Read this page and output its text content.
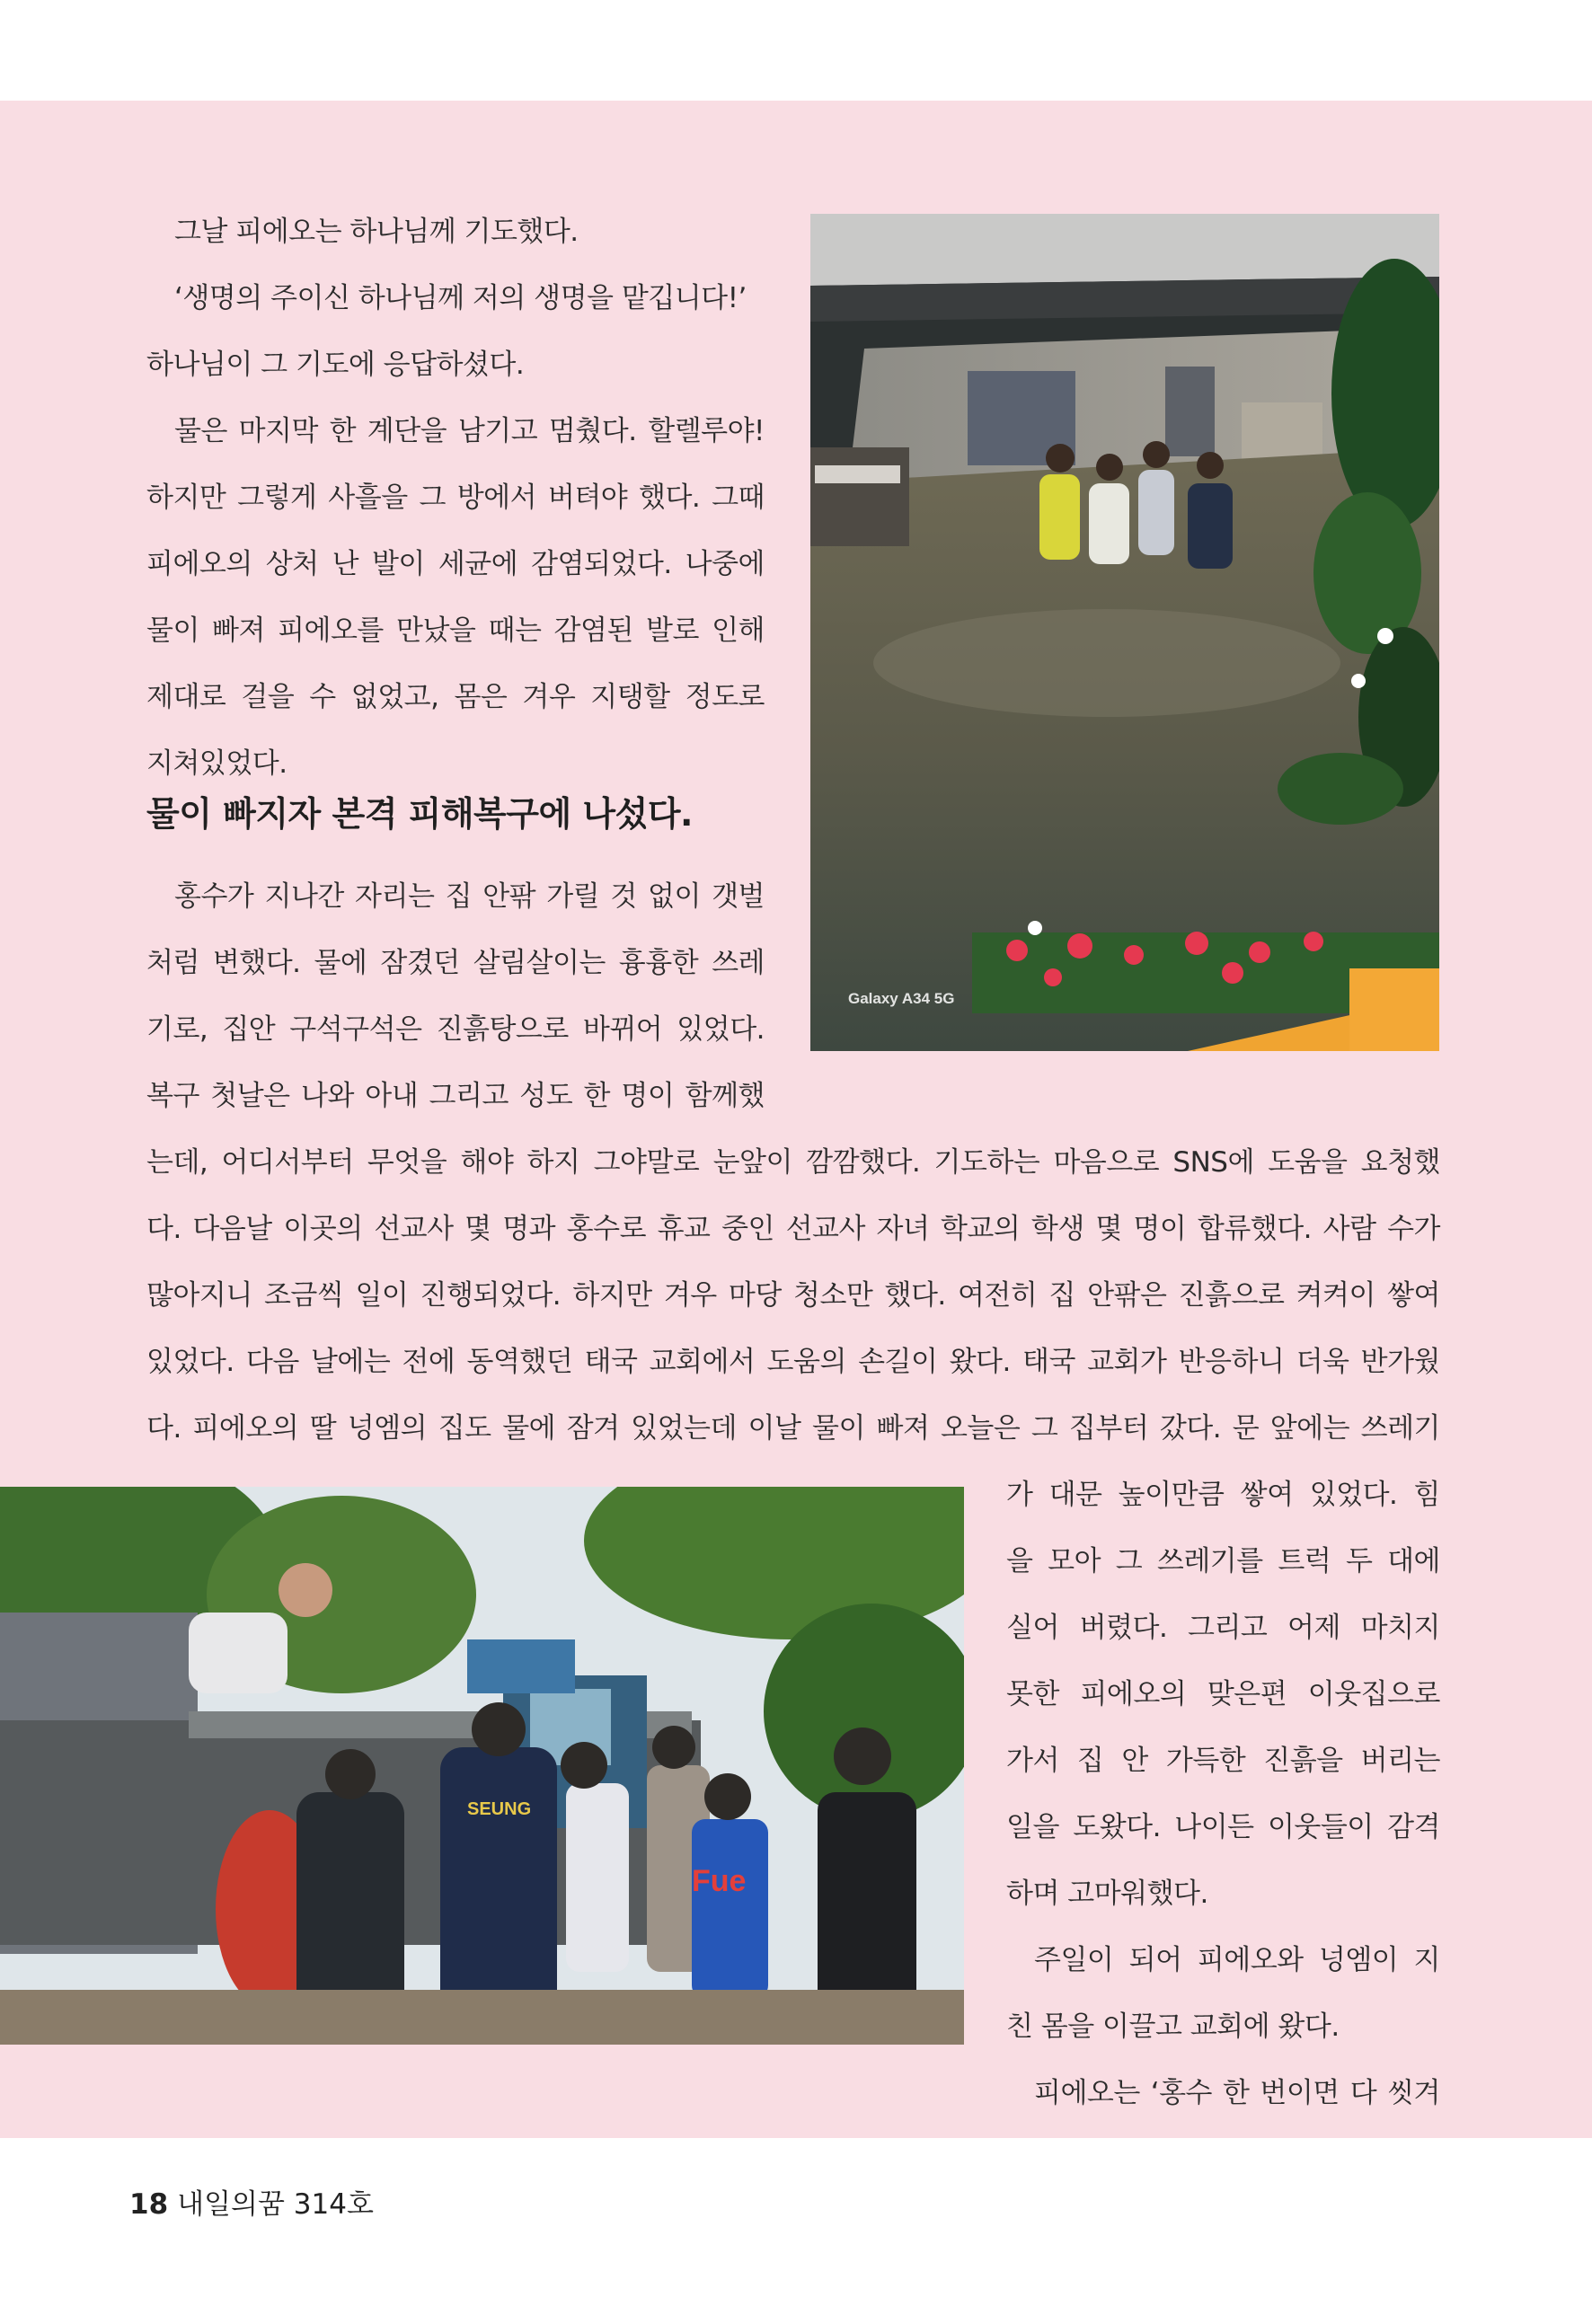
그날 피에오는 하나님께 기도했다.

‘생명의 주이신 하나님께 저의 생명을 맡깁니다!’

하나님이 그 기도에 응답하셨다.

물은 마지막 한 계단을 남기고 멈췄다. 할렐루야!

하지만 그렇게 사흘을 그 방에서 버텨야 했다. 그때

피에오의 상처 난 발이 세균에 감염되었다. 나중에

물이 빠져 피에오를 만났을 때는 감염된 발로 인해

제대로 걸을 수 없었고, 몸은 겨우 지탱할 정도로

지쳐있었다.

물이 빠지자 본격 피해복구에 나섰다.

홍수가 지나간 자리는 집 안팎 가릴 것 없이 갯벌

처럼 변했다. 물에 잠겼던 살림살이는 흉흉한 쓰레

기로, 집안 구석구석은 진흙탕으로 바뀌어 있었다.

복구 첫날은 나와 아내 그리고 성도 한 명이 함께했

는데, 어디서부터 무엇을 해야 하지 그야말로 눈앞이 깜깜했다. 기도하는 마음으로 SNS에 도움을 요청했

다. 다음날 이곳의 선교사 몇 명과 홍수로 휴교 중인 선교사 자녀 학교의 학생 몇 명이 합류했다. 사람 수가

많아지니 조금씩 일이 진행되었다. 하지만 겨우 마당 청소만 했다. 여전히 집 안팎은 진흙으로 켜켜이 쌓여

있었다. 다음 날에는 전에 동역했던 태국 교회에서 도움의 손길이 왔다. 태국 교회가 반응하니 더욱 반가웠

다. 피에오의 딸 넝엠의 집도 물에 잠겨 있었는데 이날 물이 빠져 오늘은 그 집부터 갔다. 문 앞에는 쓰레기

가 대문 높이만큼 쌓여 있었다. 힘

을 모아 그 쓰레기를 트럭 두 대에

실어 버렸다. 그리고 어제 마치지

못한 피에오의 맞은편 이웃집으로

가서 집 안 가득한 진흙을 버리는

일을 도왔다. 나이든 이웃들이 감격

하며 고마워했다.

주일이 되어 피에오와 넝엠이 지

친 몸을 이끌고 교회에 왔다.

피에오는 ‘홍수 한 번이면 다 씻겨

Galaxy A34 5G
SEUNG
Fue
18 내일의꿈 314호
